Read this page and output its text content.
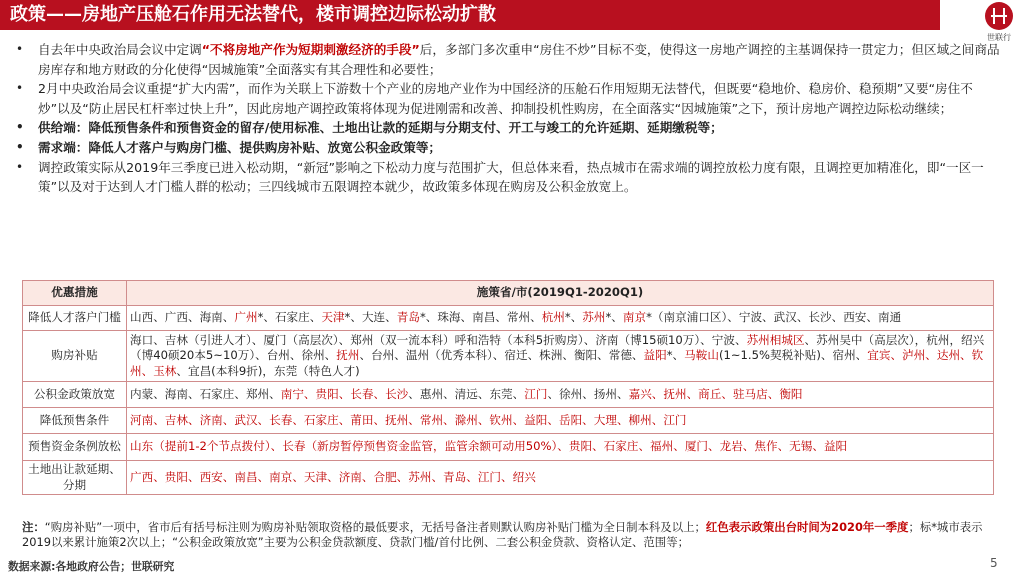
政策——房地产压舱石作用无法替代，楼市调控边际松动扩散
世联行

• 自去年中央政治局会议中定调“不将房地产作为短期刺激经济的手段”后，多部门多次重申“房住不炒”目标不变，使得这一房地产调控的主基调保持一贯定力；但区域之间商品房库存和地方财政的分化使得“因城施策”全面落实有其合理性和必要性；

• 2月中央政治局会议重提“扩大内需”，而作为关联上下游数十个产业的房地产业作为中国经济的压舱石作用短期无法替代，但既要“稳地价、稳房价、稳预期”又要“房住不炒”以及“防止居民杠杆率过快上升”，因此房地产调控政策将体现为促进刚需和改善、抑制投机性购房，在全面落实“因城施策”之下，预计房地产调控边际松动继续；

• 供给端：降低预售条件和预售资金的留存/使用标准、土地出让款的延期与分期支付、开工与竣工的允许延期、延期缴税等；

• 需求端：降低人才落户与购房门槛、提供购房补贴、放宽公积金政策等；

• 调控政策实际从2019年三季度已进入松动期，“新冠”影响之下松动力度与范围扩大，但总体来看，热点城市在需求端的调控放松力度有限，且调控更加精准化，即“一区一策”以及对于达到人才门槛人群的松动；三四线城市五限调控本就少，故政策多体现在购房及公积金放宽上。

优惠措施	施策省/市(2019Q1-2020Q1)
降低人才落户门槛	山西、广西、海南、广州*、石家庄、天津*、大连、青岛*、珠海、南昌、常州、杭州*、苏州*、南京*（南京浦口区）、宁波、武汉、长沙、西安、南通
购房补贴	海口、吉林（引进人才）、厦门（高层次）、郑州（双一流本科）呼和浩特（本科5折购房）、济南（博15硕10万）、宁波、苏州相城区、苏州吴中（高层次），杭州，绍兴（博40硕20本5~10万）、台州、徐州、抚州、台州、温州（优秀本科）、宿迁、株洲、衡阳、常德、益阳*、马鞍山(1~1.5%契税补贴)、宿州、宜宾、泸州、达州、钦州、玉林、宜昌(本科9折)，东莞（特色人才)
公积金政策放宽	内蒙、海南、石家庄、郑州、南宁、贵阳、长春、长沙、惠州、清远、东莞、江门、徐州、扬州、嘉兴、抚州、商丘、驻马店、衡阳
降低预售条件	河南、吉林、济南、武汉、长春、石家庄、莆田、抚州、常州、滁州、钦州、益阳、岳阳、大理、柳州、江门
预售资金条例放松	山东（提前1-2个节点拨付）、长春（新房暂停预售资金监管，监管余额可动用50%）、贵阳、石家庄、福州、厦门、龙岩、焦作、无锡、益阳
土地出让款延期、分期	广西、贵阳、西安、南昌、南京、天津、济南、合肥、苏州、青岛、江门、绍兴
注：“购房补贴”一项中，省市后有括号标注则为购房补贴领取资格的最低要求，无括号备注者则默认购房补贴门槛为全日制本科及以上；红色表示政策出台时间为2020年一季度；标*城市表示2019以来累计施策2次以上；“公积金政策放宽”主要为公积金贷款额度、贷款门槛/首付比例、二套公积金贷款、资格认定、范围等；
数据来源:各地政府公告；世联研究	5
